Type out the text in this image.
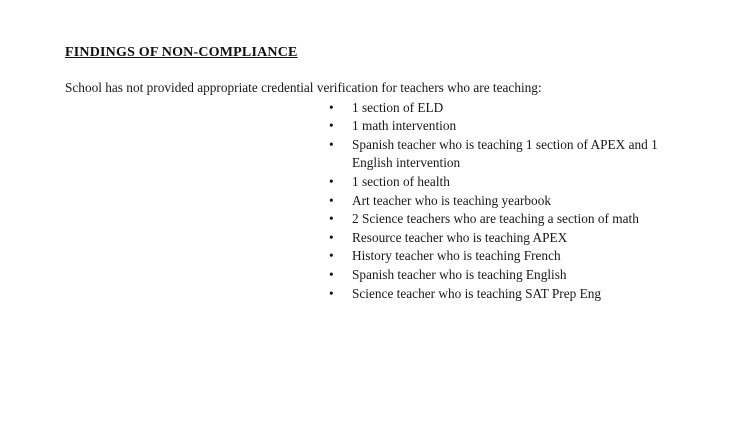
FINDINGS OF NON-COMPLIANCE

School has not provided appropriate credential verification for teachers who are teaching:

•	1 section of ELD
•	1 math intervention
•	Spanish teacher who is teaching 1 section of APEX and 1 English intervention
•	1 section of health
•	Art teacher who is teaching yearbook
•	2 Science teachers who are teaching a section of math
•	Resource teacher who is teaching APEX
•	History teacher who is teaching French
•	Spanish teacher who is teaching English
•	Science teacher who is teaching SAT Prep Eng
